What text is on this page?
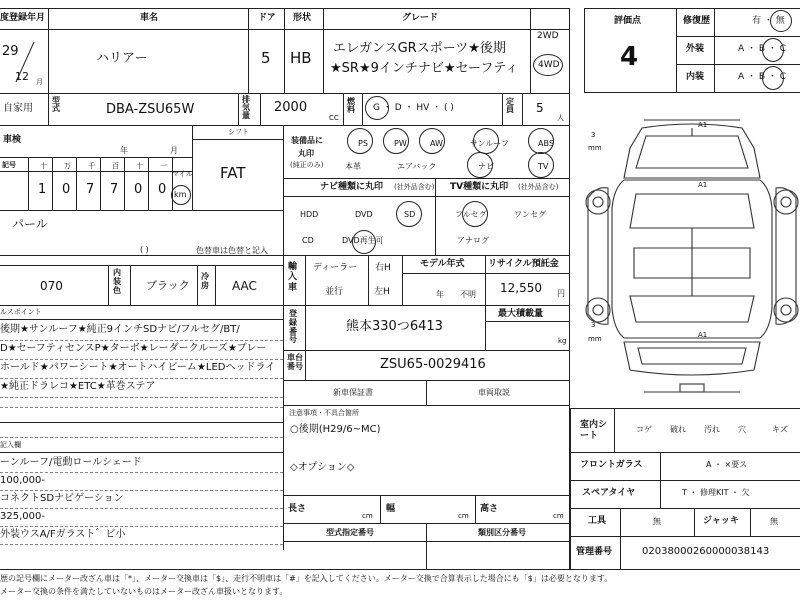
度登録年月	車名	ドア 形状	グレード
2WD
4WD
29
12 月
ハリアー	5 HB
エレガンスGRスポーツ★後期
★SR★9インチナビ★セーフティ
自家用
型式	DBA-ZSU65W
排気量
2000
CC
燃料 G ・ D ・ HV ・ ( )
定員 5
人
車検
年	月
シフト
FAT
記号	十 万 千 百 十 一
1 0 7 7 0 0
マイル
km
装備品に
丸印
(純正のみ)
PS	PW	AW	サンルーフ	ABS
本革	エアバック	ナビ	TV
ナビ種類に丸印 (社外品含む) TV種類に丸印 (社外品含む)
HDD	DVD	SD
CD	DVD再生可
フルセグ	ワンセグ
アナログ
パール
( )	色替車は色替と記入
070
内装色 ブラック
冷房 AAC
輸入車
ディーラー
並行
右H
左H
モデル年式
年 不明
リサイクル預託金
12,550 円
ルスポイント
後期★サンルーフ★純正9インチSDナビ/フルセグ/BT/
D★セーフティセンスP★ターボ★レーダークルーズ★ブレー
ホールド★パワーシート★オートハイビーム★LEDヘッドライ
★純正ドラレコ★ETC★革巻ステア
登録番号
熊本330つ6413
最大積載量
kg
車台番号	ZSU65-0029416
新車保証書	車両取説
注意事項・不具合箇所
○後期(H29/6~MC)
◇オプション◇
記入欄
ーンルーフ/電動ロールシェード
100,000-
コネクトSDナビゲーション
325,000-
外装ウスA/Fガラスト゛ビ小
長さ
cm
幅
cm
高さ
cm
型式指定番号	類別区分番号
評価点
4
修復歴	有 ・ 無
外装	A ・ B ・ C
内装	A ・ B ・ C
A1
A1
A1
3
mm
3
mm
室内シート
コゲ 破れ 汚れ 穴	キズ
フロントガラス	A ・ ×要ス
スペアタイヤ	T ・ 修理KIT ・ 欠
工具	無	ジャッキ	無
管理番号	02038000260000038143
歴の記号欄にメーター改ざん車は「*」、メーター交換車は「$」、走行不明車は「#」を記入してください。メーター交換で合算表示した場合にも「$」は必要となります。
メーター交換の条件を満たしていないものはメーター改ざん車扱いとなります。
